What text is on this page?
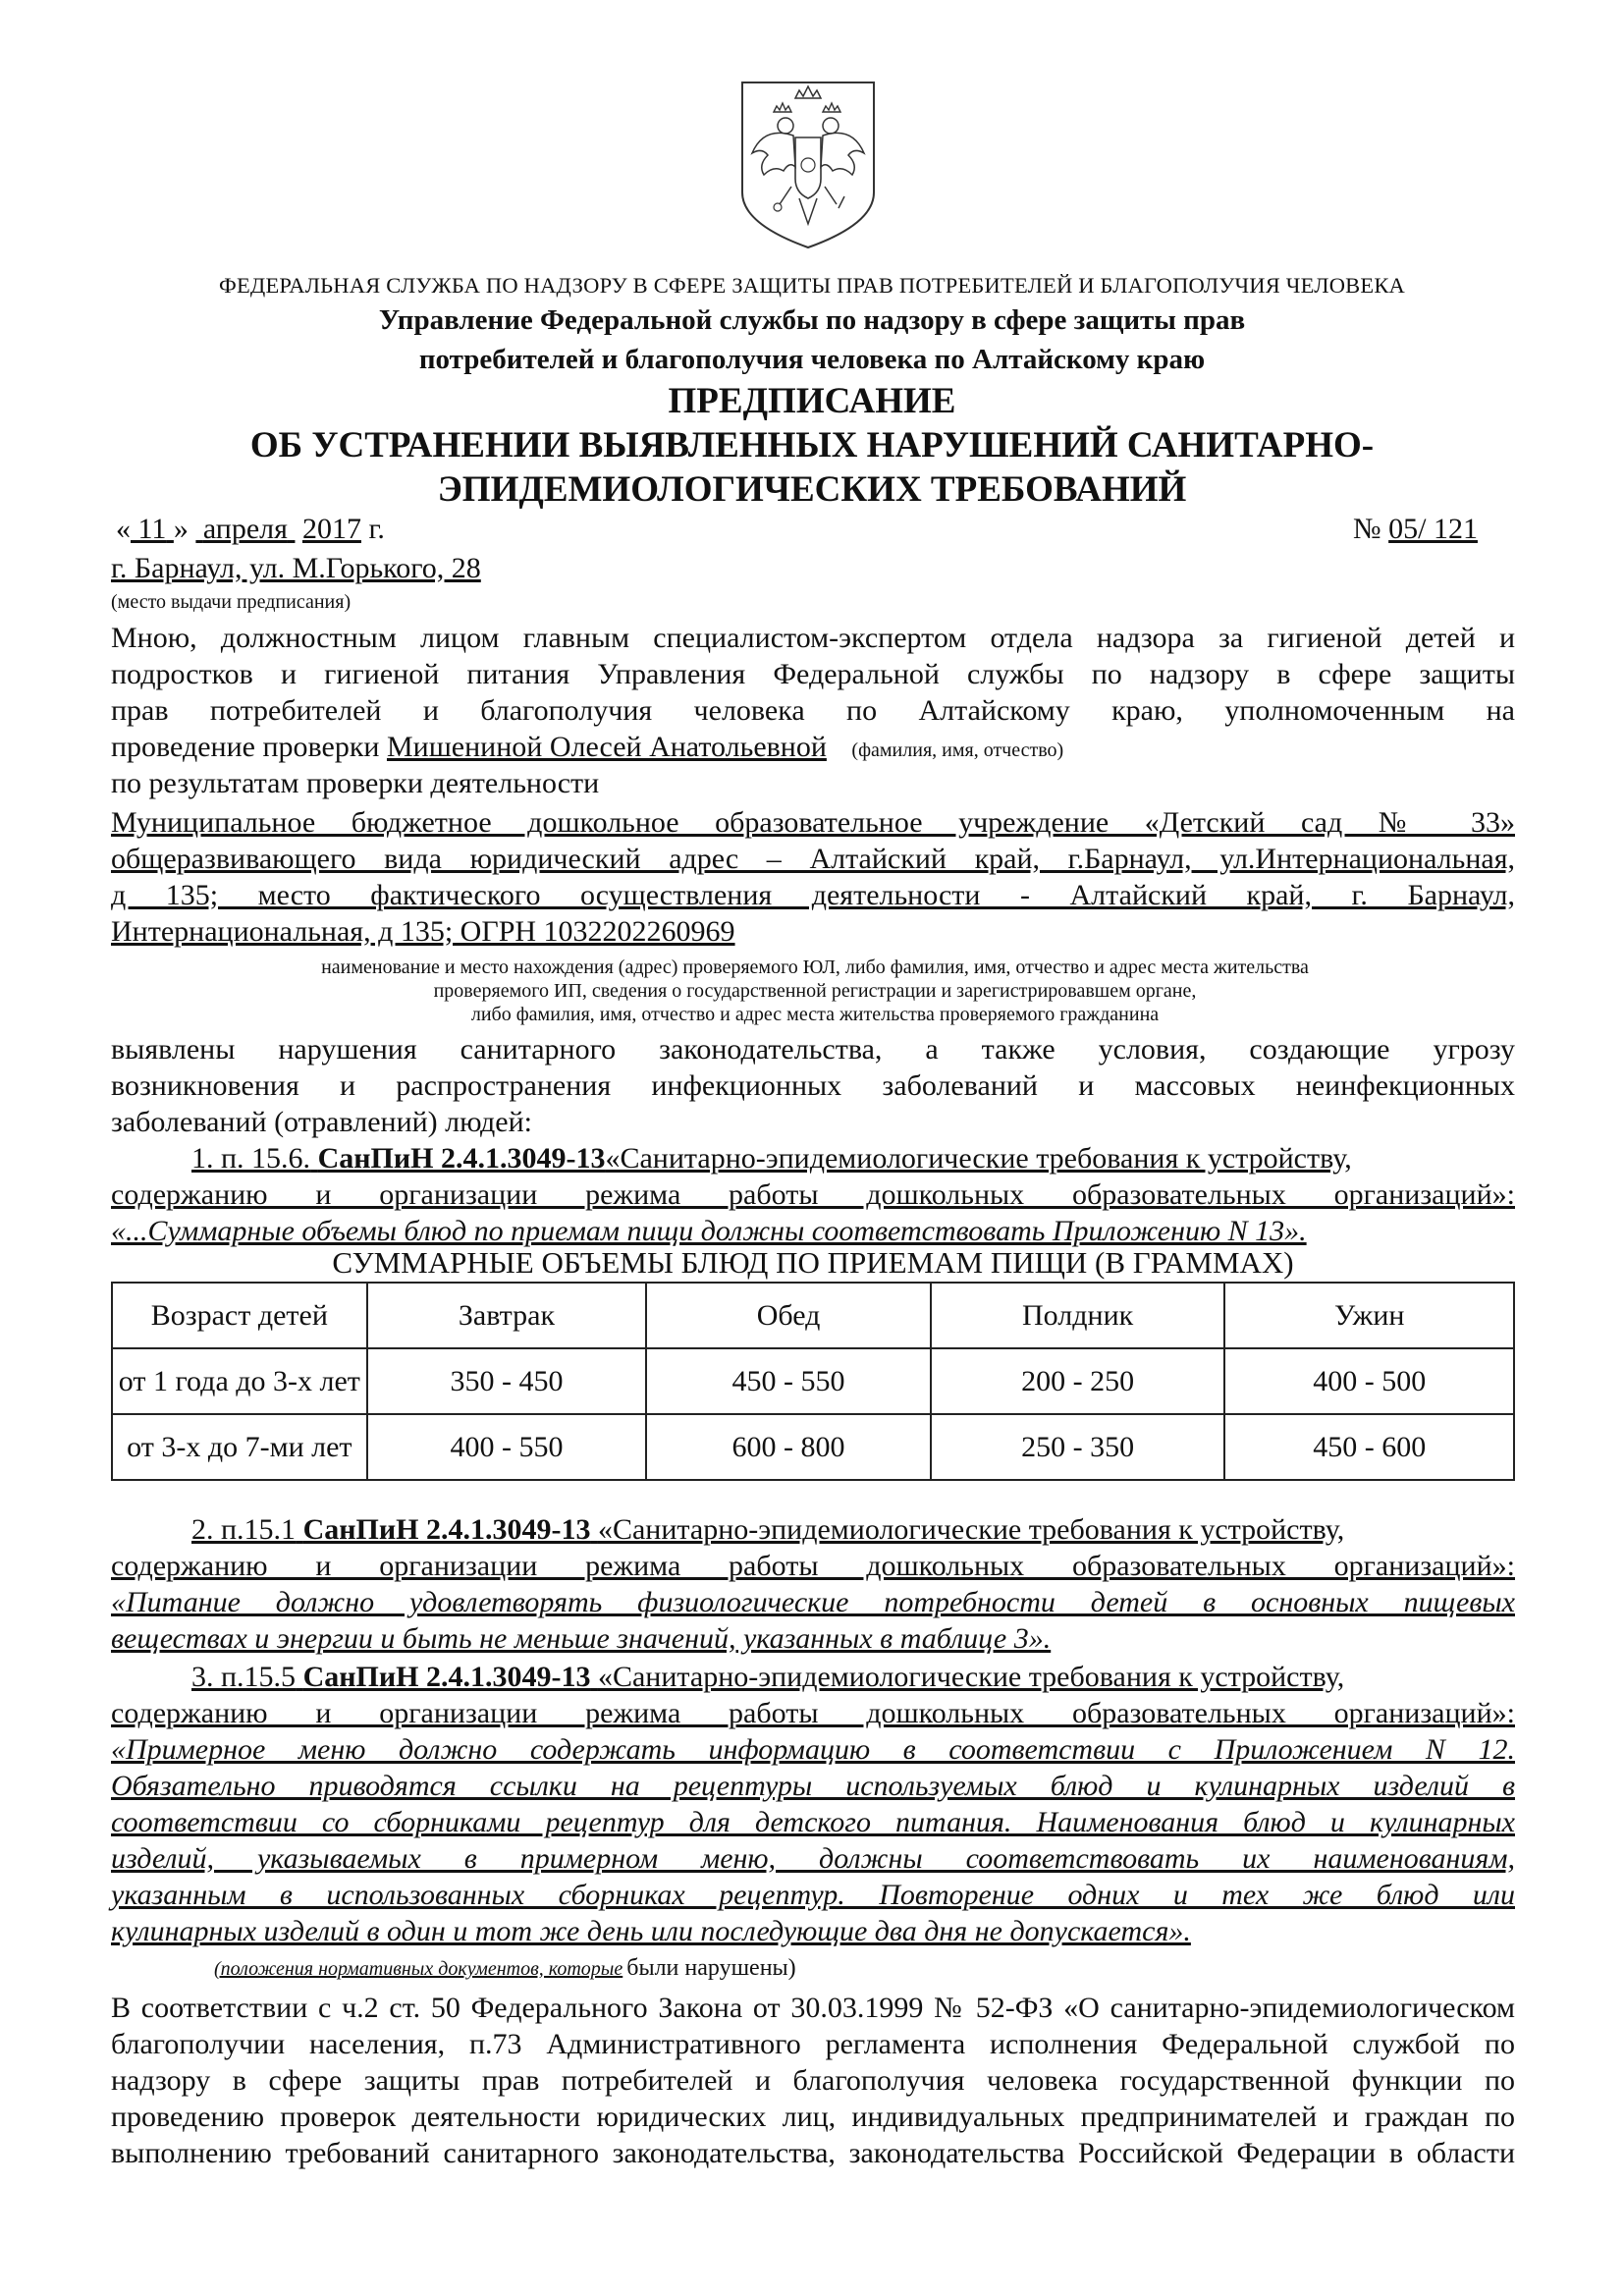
ФЕДЕРАЛЬНАЯ СЛУЖБА ПО НАДЗОРУ В СФЕРЕ ЗАЩИТЫ ПРАВ ПОТРЕБИТЕЛЕЙ И БЛАГОПОЛУЧИЯ ЧЕЛОВЕКА
Управление Федеральной службы по надзору в сфере защиты прав
потребителей и благополучия человека по Алтайскому краю
ПРЕДПИСАНИЕ
ОБ УСТРАНЕНИИ ВЫЯВЛЕННЫХ НАРУШЕНИЙ САНИТАРНО-
ЭПИДЕМИОЛОГИЧЕСКИХ ТРЕБОВАНИЙ
« 11 » апреля 2017 г.	№ 05/ 121
г. Барнаул, ул. М.Горького, 28
(место выдачи предписания)
Мною, должностным лицом главным специалистом-экспертом отдела надзора за гигиеной детей и
подростков и гигиеной питания Управления Федеральной службы по надзору в сфере защиты
прав потребителей и благополучия человека по Алтайскому краю, уполномоченным на
проведение проверки Мишениной Олесей Анатольевной (фамилия, имя, отчество)
по результатам проверки деятельности
Муниципальное бюджетное дошкольное образовательное учреждение «Детский сад № 33»
общеразвивающего вида юридический адрес – Алтайский край, г.Барнаул, ул.Интернациональная,
д 135; место фактического осуществления деятельности - Алтайский край, г. Барнаул,
Интернациональная, д 135; ОГРН 1032202260969
наименование и место нахождения (адрес) проверяемого ЮЛ, либо фамилия, имя, отчество и адрес места жительства
проверяемого ИП, сведения о государственной регистрации и зарегистрировавшем органе,
либо фамилия, имя, отчество и адрес места жительства проверяемого гражданина
выявлены нарушения санитарного законодательства, а также условия, создающие угрозу
возникновения и распространения инфекционных заболеваний и массовых неинфекционных
заболеваний (отравлений) людей:
1. п. 15.6. СанПиН 2.4.1.3049-13«Санитарно-эпидемиологические требования к устройству,
содержанию и организации режима работы дошкольных образовательных организаций»:
«...Суммарные объемы блюд по приемам пищи должны соответствовать Приложению N 13».
СУММАРНЫЕ ОБЪЕМЫ БЛЮД ПО ПРИЕМАМ ПИЩИ (В ГРАММАХ)
Возраст детей	Завтрак	Обед	Полдник	Ужин
от 1 года до 3-х лет	350 - 450	450 - 550	200 - 250	400 - 500
от 3-х до 7-ми лет	400 - 550	600 - 800	250 - 350	450 - 600
2. п.15.1 СанПиН 2.4.1.3049-13 «Санитарно-эпидемиологические требования к устройству,
содержанию и организации режима работы дошкольных образовательных организаций»:
«Питание должно удовлетворять физиологические потребности детей в основных пищевых
веществах и энергии и быть не меньше значений, указанных в таблице 3».
3. п.15.5 СанПиН 2.4.1.3049-13 «Санитарно-эпидемиологические требования к устройству,
содержанию и организации режима работы дошкольных образовательных организаций»:
«Примерное меню должно содержать информацию в соответствии с Приложением N 12.
Обязательно приводятся ссылки на рецептуры используемых блюд и кулинарных изделий в
соответствии со сборниками рецептур для детского питания. Наименования блюд и кулинарных
изделий, указываемых в примерном меню, должны соответствовать их наименованиям,
указанным в использованных сборниках рецептур. Повторение одних и тех же блюд или
кулинарных изделий в один и тот же день или последующие два дня не допускается».
(положения нормативных документов, которые были нарушены)
В соответствии с ч.2 ст. 50 Федерального Закона от 30.03.1999 № 52-ФЗ «О санитарно-эпидемиологическом
благополучии населения, п.73 Административного регламента исполнения Федеральной службой по
надзору в сфере защиты прав потребителей и благополучия человека государственной функции по
проведению проверок деятельности юридических лиц, индивидуальных предпринимателей и граждан по
выполнению требований санитарного законодательства, законодательства Российской Федерации в области
